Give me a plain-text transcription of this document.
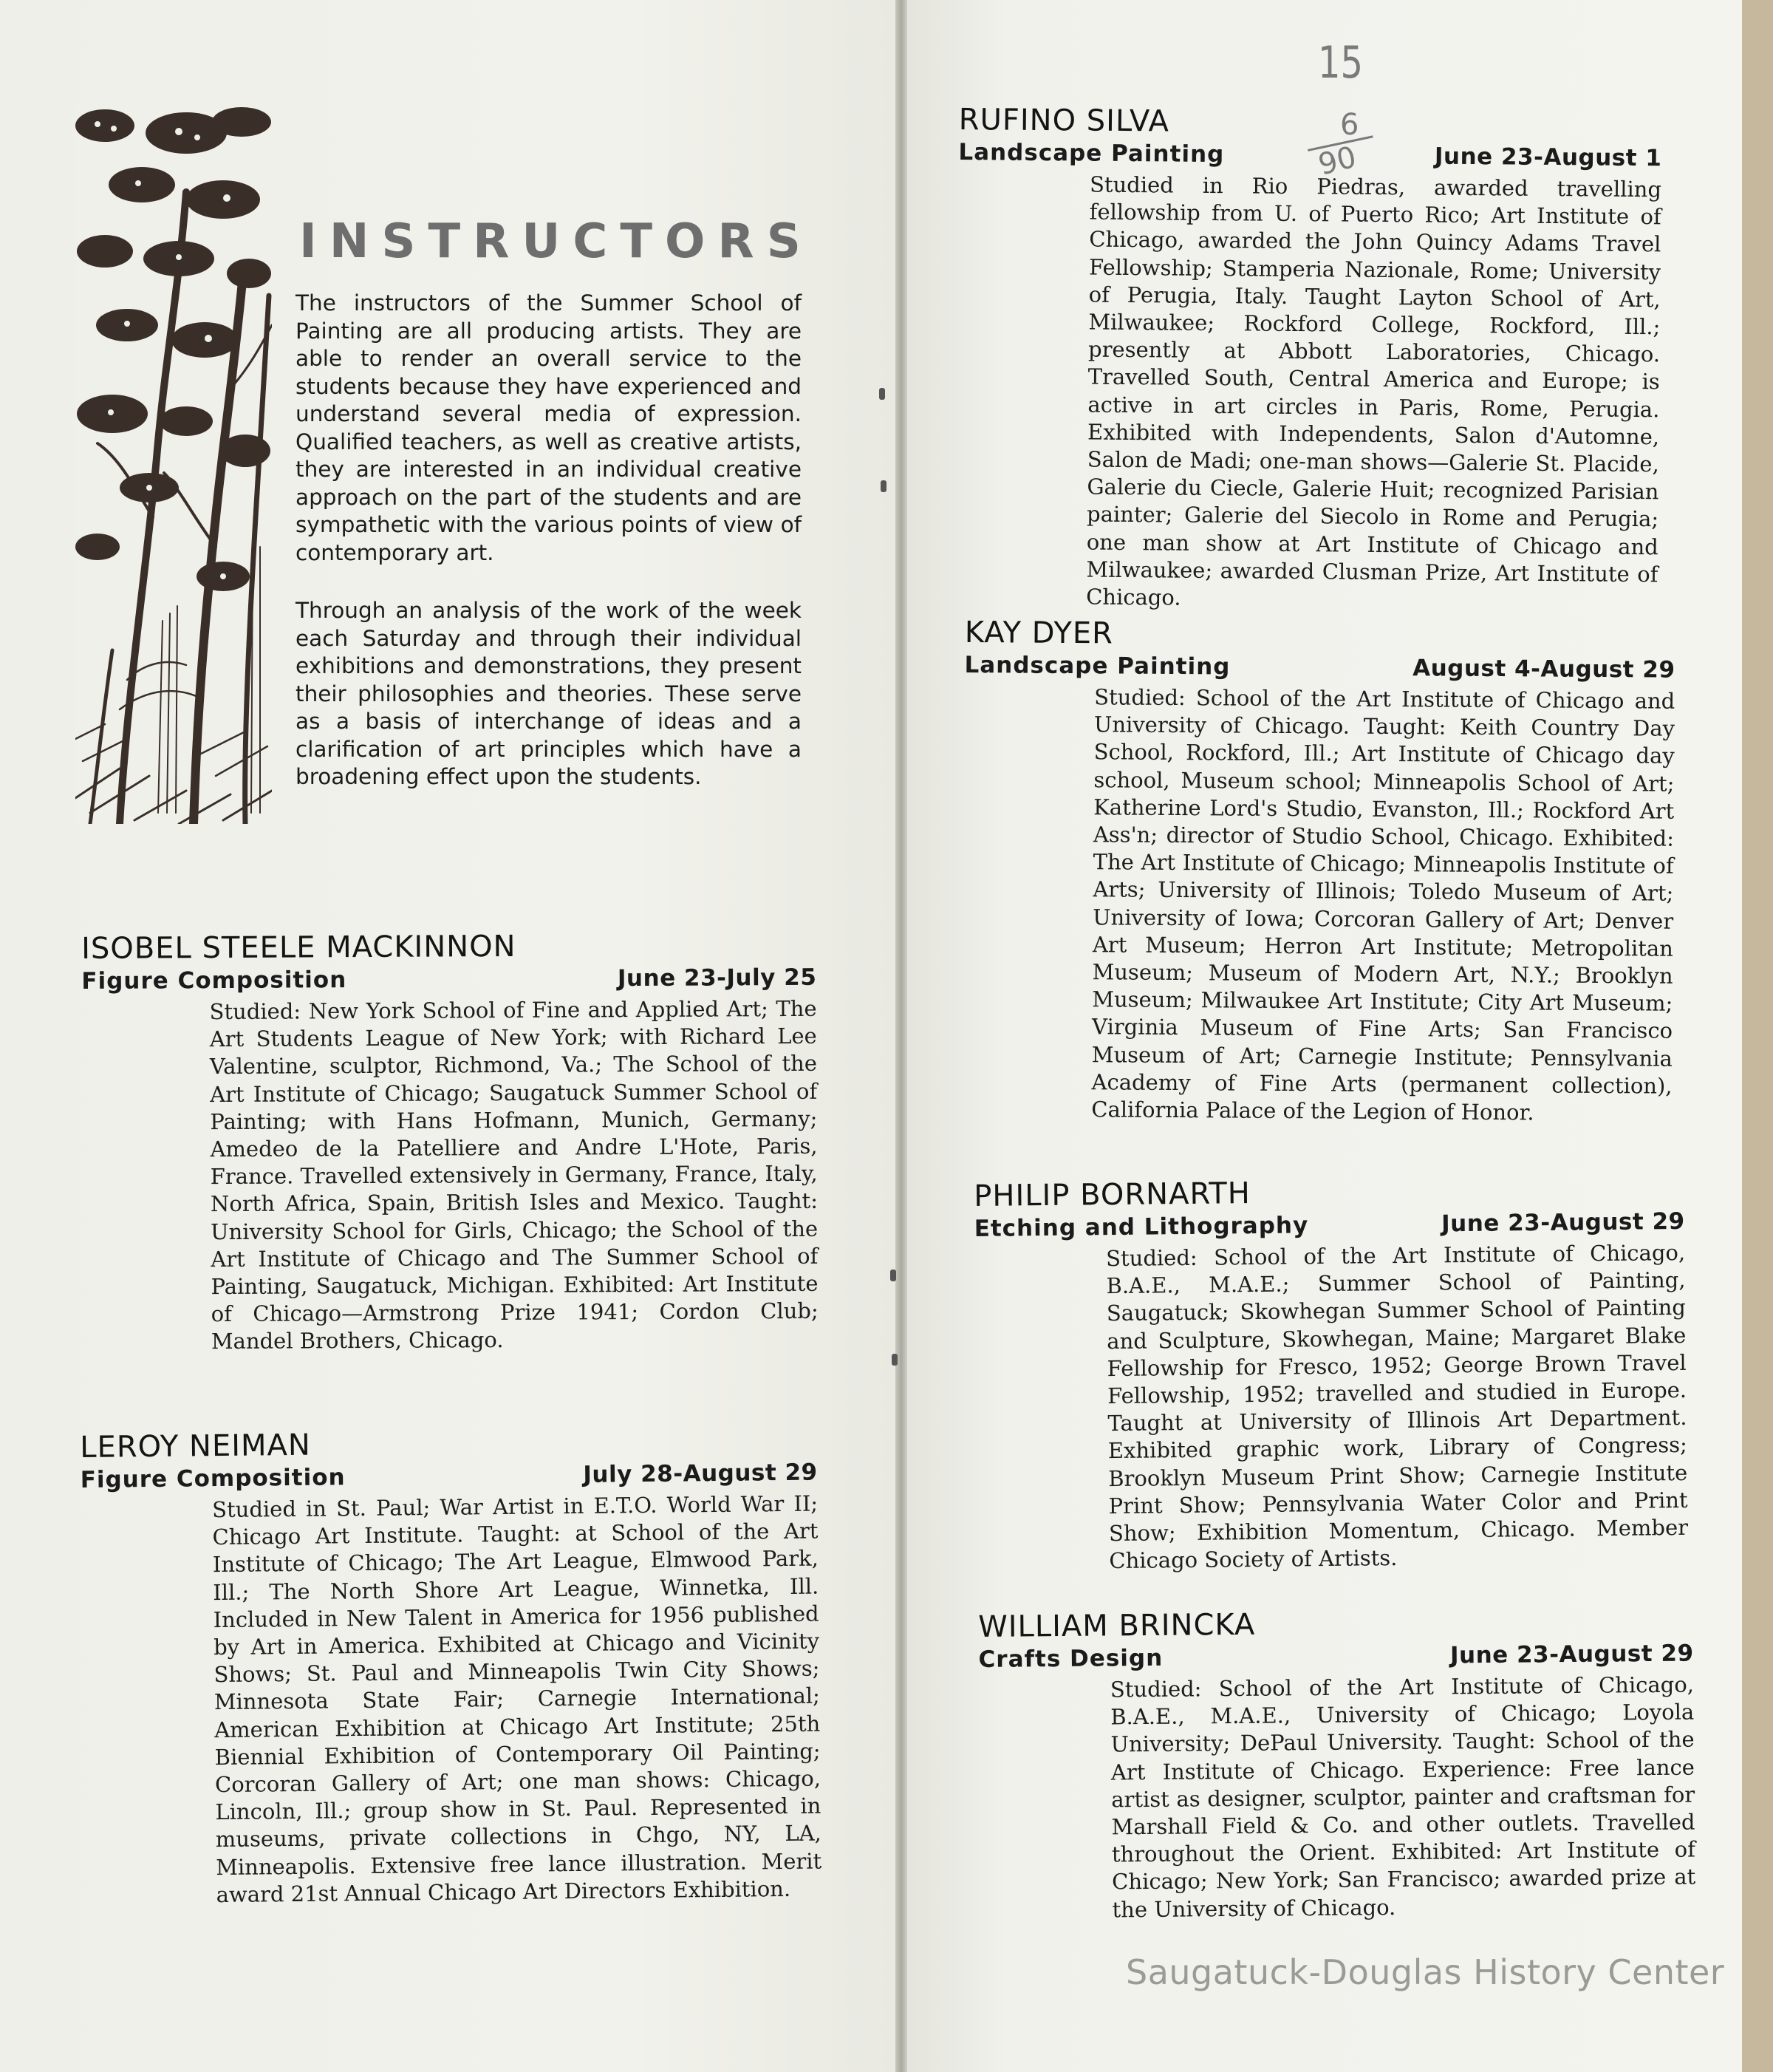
INSTRUCTORS

The instructors of the Summer School of Painting are all producing artists. They are able to render an overall service to the students because they have experienced and understand several media of expression. Qualified teachers, as well as creative artists, they are interested in an individual creative approach on the part of the students and are sympathetic with the various points of view of contemporary art.

Through an analysis of the work of the week each Saturday and through their individual exhibitions and demonstrations, they present their philosophies and theories. These serve as a basis of interchange of ideas and a clarification of art principles which have a broadening effect upon the students.

ISOBEL STEELE MACKINNON
Figure Composition	June 23-July 25

Studied: New York School of Fine and Applied Art; The Art Students League of New York; with Richard Lee Valentine, sculptor, Richmond, Va.; The School of the Art Institute of Chicago; Saugatuck Summer School of Painting; with Hans Hofmann, Munich, Germany; Amedeo de la Patelliere and Andre L'Hote, Paris, France. Travelled extensively in Germany, France, Italy, North Africa, Spain, British Isles and Mexico. Taught: University School for Girls, Chicago; the School of the Art Institute of Chicago and The Summer School of Painting, Saugatuck, Michigan. Exhibited: Art Institute of Chicago—Armstrong Prize 1941; Cordon Club; Mandel Brothers, Chicago.

LEROY NEIMAN
Figure Composition	July 28-August 29

Studied in St. Paul; War Artist in E.T.O. World War II; Chicago Art Institute. Taught: at School of the Art Institute of Chicago; The Art League, Elmwood Park, Ill.; The North Shore Art League, Winnetka, Ill. Included in New Talent in America for 1956 published by Art in America. Exhibited at Chicago and Vicinity Shows; St. Paul and Minneapolis Twin City Shows; Minnesota State Fair; Carnegie International; American Exhibition at Chicago Art Institute; 25th Biennial Exhibition of Contemporary Oil Painting; Corcoran Gallery of Art; one man shows: Chicago, Lincoln, Ill.; group show in St. Paul. Represented in museums, private collections in Chgo, NY, LA, Minneapolis. Extensive free lance illustration. Merit award 21st Annual Chicago Art Directors Exhibition.

15
6
90
RUFINO SILVA
Landscape Painting	June 23-August 1

Studied in Rio Piedras, awarded travelling fellowship from U. of Puerto Rico; Art Institute of Chicago, awarded the John Quincy Adams Travel Fellowship; Stamperia Nazionale, Rome; University of Perugia, Italy. Taught Layton School of Art, Milwaukee; Rockford College, Rockford, Ill.; presently at Abbott Laboratories, Chicago. Travelled South, Central America and Europe; is active in art circles in Paris, Rome, Perugia. Exhibited with Independents, Salon d'Automne, Salon de Madi; one-man shows—Galerie St. Placide, Galerie du Ciecle, Galerie Huit; recognized Parisian painter; Galerie del Siecolo in Rome and Perugia; one man show at Art Institute of Chicago and Milwaukee; awarded Clusman Prize, Art Institute of Chicago.

KAY DYER
Landscape Painting	August 4-August 29

Studied: School of the Art Institute of Chicago and University of Chicago. Taught: Keith Country Day School, Rockford, Ill.; Art Institute of Chicago day school, Museum school; Minneapolis School of Art; Katherine Lord's Studio, Evanston, Ill.; Rockford Art Ass'n; director of Studio School, Chicago. Exhibited: The Art Institute of Chicago; Minneapolis Institute of Arts; University of Illinois; Toledo Museum of Art; University of Iowa; Corcoran Gallery of Art; Denver Art Museum; Herron Art Institute; Metropolitan Museum; Museum of Modern Art, N.Y.; Brooklyn Museum; Milwaukee Art Institute; City Art Museum; Virginia Museum of Fine Arts; San Francisco Museum of Art; Carnegie Institute; Pennsylvania Academy of Fine Arts (permanent collection), California Palace of the Legion of Honor.

PHILIP BORNARTH
Etching and Lithography	June 23-August 29

Studied: School of the Art Institute of Chicago, B.A.E., M.A.E.; Summer School of Painting, Saugatuck; Skowhegan Summer School of Painting and Sculpture, Skowhegan, Maine; Margaret Blake Fellowship for Fresco, 1952; George Brown Travel Fellowship, 1952; travelled and studied in Europe. Taught at University of Illinois Art Department. Exhibited graphic work, Library of Congress; Brooklyn Museum Print Show; Carnegie Institute Print Show; Pennsylvania Water Color and Print Show; Exhibition Momentum, Chicago. Member Chicago Society of Artists.

WILLIAM BRINCKA
Crafts Design	June 23-August 29

Studied: School of the Art Institute of Chicago, B.A.E., M.A.E., University of Chicago; Loyola University; DePaul University. Taught: School of the Art Institute of Chicago. Experience: Free lance artist as designer, sculptor, painter and craftsman for Marshall Field & Co. and other outlets. Travelled throughout the Orient. Exhibited: Art Institute of Chicago; New York; San Francisco; awarded prize at the University of Chicago.

Saugatuck-Douglas History Center
